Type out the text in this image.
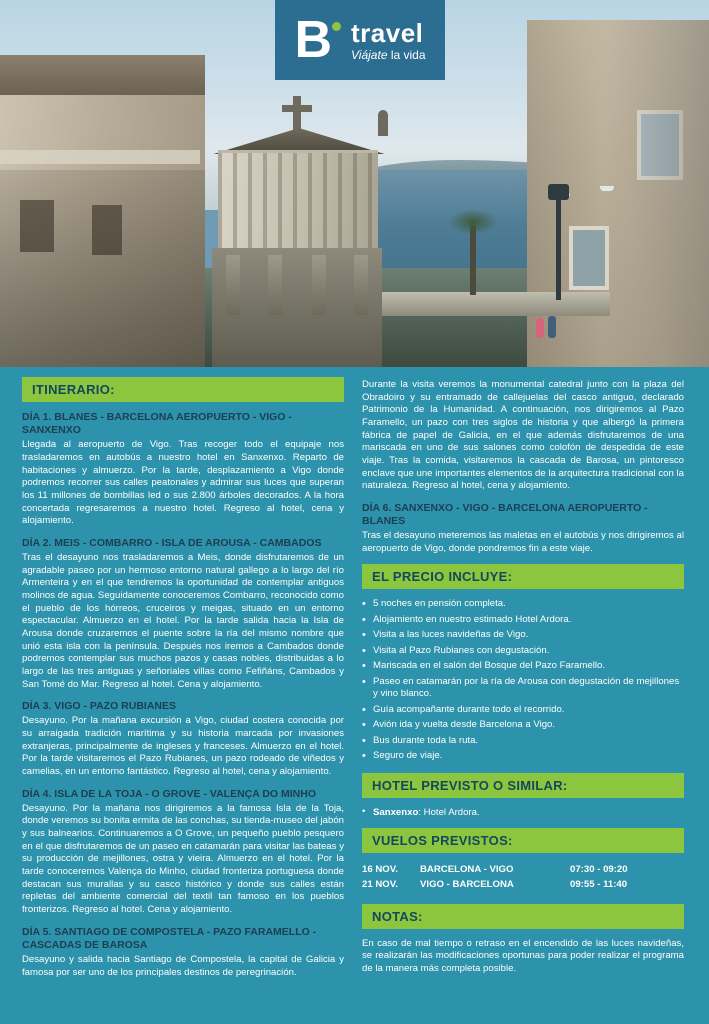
B travel
Viájate la vida
ITINERARIO:
DÍA 1. BLANES - BARCELONA AEROPUERTO - VIGO - SANXENXO

Llegada al aeropuerto de Vigo. Tras recoger todo el equipaje nos trasladaremos en autobús a nuestro hotel en Sanxenxo. Reparto de habitaciones y almuerzo. Por la tarde, desplazamiento a Vigo donde podremos recorrer sus calles peatonales y admirar sus luces que superan los 11 millones de bombillas led o sus 2.800 árboles decorados. A la hora concertada regresaremos a nuestro hotel. Regreso al hotel, cena y alojamiento.

DÍA 2. MEIS - COMBARRO - ISLA DE AROUSA - CAMBADOS

Tras el desayuno nos trasladaremos a Meis, donde disfrutaremos de un agradable paseo por un hermoso entorno natural gallego a lo largo del río Armenteira y en el que tendremos la oportunidad de contemplar antiguos molinos de agua. Seguidamente conoceremos Combarro, reconocido como el pueblo de los hórreos, cruceiros y meigas, situado en un entorno espectacular. Almuerzo en el hotel. Por la tarde salida hacia la Isla de Arousa donde cruzaremos el puente sobre la ría del mismo nombre que unió esta isla con la península. Después nos iremos a Cambados donde podremos contemplar sus muchos pazos y casas nobles, distribuidas a lo largo de las tres antiguas y señoriales villas como Fefiñáns, Cambados y San Tomé do Mar. Regreso al hotel. Cena y alojamiento.

DÍA 3. VIGO - PAZO RUBIANES

Desayuno. Por la mañana excursión a Vigo, ciudad costera conocida por su arraigada tradición marítima y su historia marcada por invasiones extranjeras, principalmente de ingleses y franceses. Almuerzo en el hotel. Por la tarde visitaremos el Pazo Rubianes, un pazo rodeado de viñedos y camelias, en un entorno fantástico. Regreso al hotel, cena y alojamiento.

DÍA 4. ISLA DE LA TOJA - O GROVE - VALENÇA DO MINHO

Desayuno. Por la mañana nos dirigiremos a la famosa Isla de la Toja, donde veremos su bonita ermita de las conchas, su tienda-museo del jabón y sus balnearios. Continuaremos a O Grove, un pequeño pueblo pesquero en el que disfrutaremos de un paseo en catamarán para visitar las bateas y su producción de mejillones, ostra y vieira. Almuerzo en el hotel. Por la tarde conoceremos Valença do Minho, ciudad fronteriza portuguesa donde destacan sus murallas y su casco histórico y donde sus calles están repletas del ambiente comercial del textil tan famoso en los pueblos fronterizos. Regreso al hotel. Cena y alojamiento.

DÍA 5. SANTIAGO DE COMPOSTELA - PAZO FARAMELLO - CASCADAS DE BAROSA

Desayuno y salida hacia Santiago de Compostela, la capital de Galicia y famosa por ser uno de los principales destinos de peregrinación.

Durante la visita veremos la monumental catedral junto con la plaza del Obradoiro y su entramado de callejuelas del casco antiguo, declarado Patrimonio de la Humanidad. A continuación, nos dirigiremos al Pazo Faramello, un pazo con tres siglos de historia y que albergó la primera fábrica de papel de Galicia, en el que además disfrutaremos de una mariscada en uno de sus salones como colofón de despedida de este viaje. Tras la comida, visitaremos la cascada de Barosa, un pintoresco enclave que une importantes elementos de la arquitectura tradicional con la naturaleza. Regreso al hotel, cena y alojamiento.

DÍA 6. SANXENXO - VIGO - BARCELONA AEROPUERTO - BLANES

Tras el desayuno meteremos las maletas en el autobús y nos dirigiremos al aeropuerto de Vigo, donde pondremos fin a este viaje.

EL PRECIO INCLUYE:
• 5 noches en pensión completa.
• Alojamiento en nuestro estimado Hotel Ardora.
• Visita a las luces navideñas de Vigo.
• Visita al Pazo Rubianes con degustación.
• Mariscada en el salón del Bosque del Pazo Faramello.
• Paseo en catamarán por la ría de Arousa con degustación de mejillones y vino blanco.
• Guía acompañante durante todo el recorrido.
• Avión ida y vuelta desde Barcelona a Vigo.
• Bus durante toda la ruta.
• Seguro de viaje.
HOTEL PREVISTO O SIMILAR:

• Sanxenxo: Hotel Ardora.

VUELOS PREVISTOS:
16 NOV.	BARCELONA - VIGO	07:30 - 09:20
21 NOV.	VIGO - BARCELONA	09:55 - 11:40
NOTAS:

En caso de mal tiempo o retraso en el encendido de las luces navideñas, se realizarán las modificaciones oportunas para poder realizar el programa de la manera más completa posible.
